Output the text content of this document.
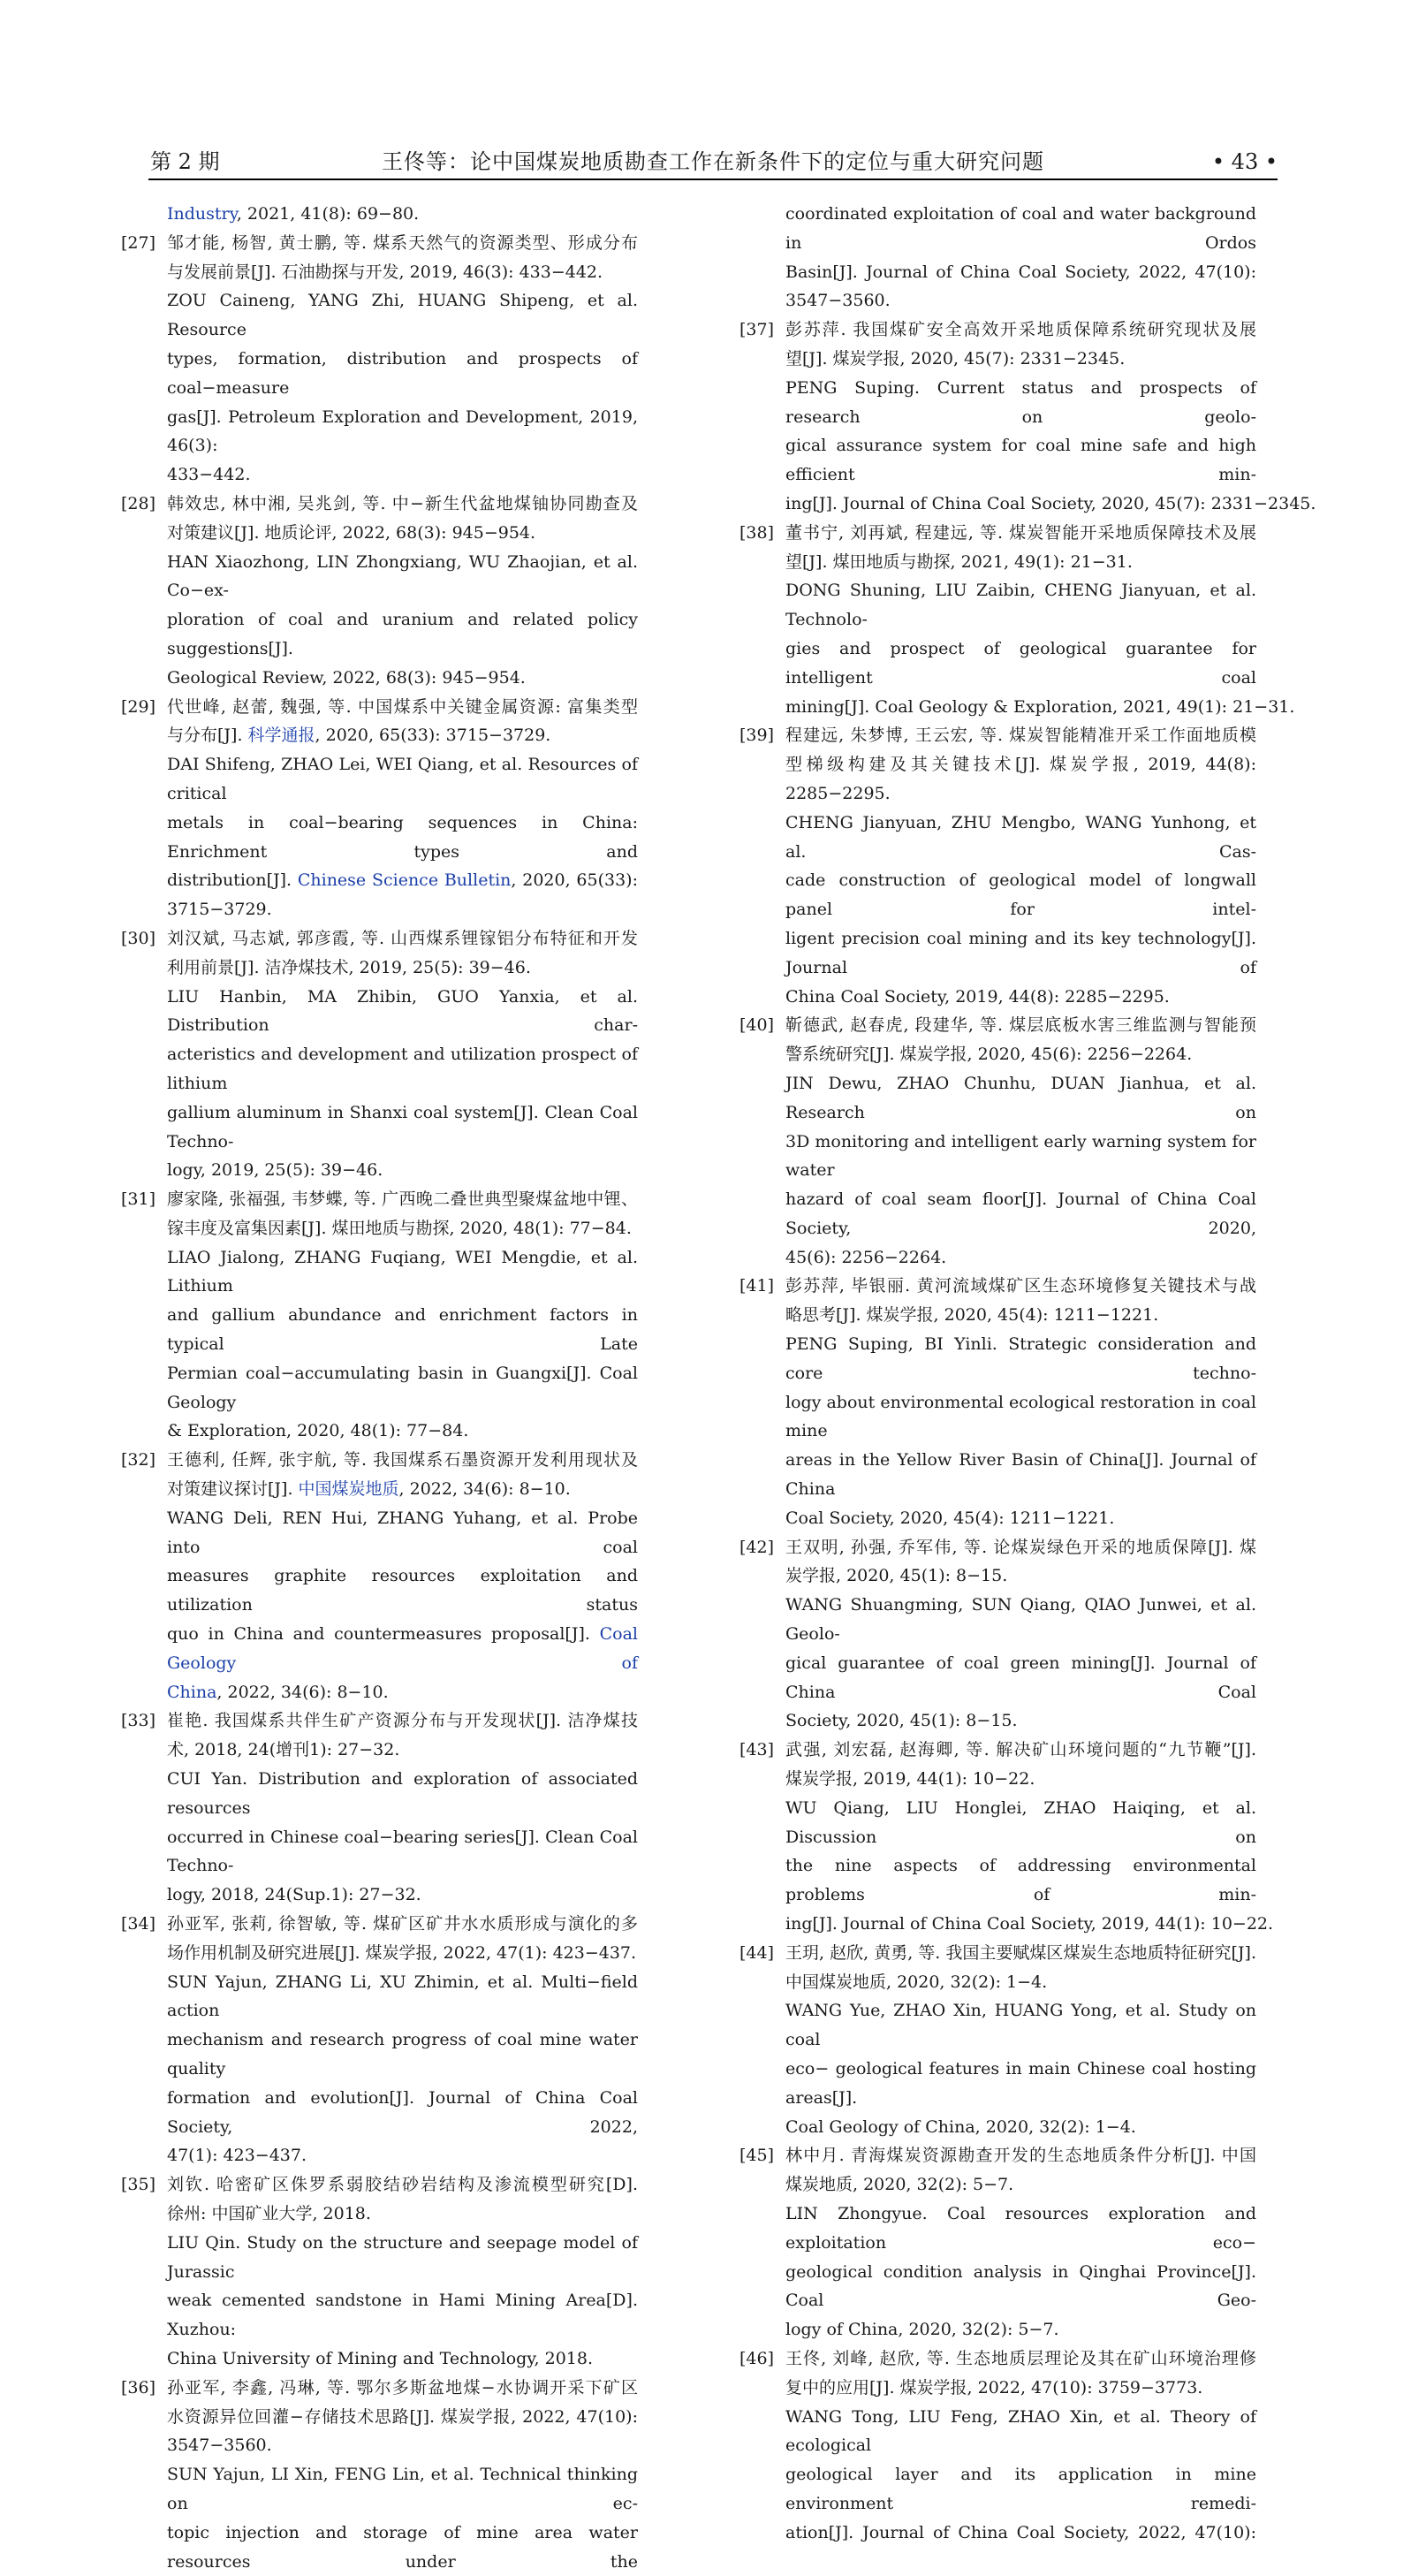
第 2 期	王佟等：论中国煤炭地质勘查工作在新条件下的定位与重大研究问题	• 43 •
Industry, 2021, 41(8): 69−80.
[27] 邹才能, 杨智, 黄士鹏, 等. 煤系天然气的资源类型、形成分布
与发展前景[J]. 石油勘探与开发, 2019, 46(3): 433−442.
ZOU Caineng, YANG Zhi, HUANG Shipeng, et al. Resource
types, formation, distribution and prospects of coal−measure
gas[J]. Petroleum Exploration and Development, 2019, 46(3):
433−442.
[28] 韩效忠, 林中湘, 吴兆剑, 等. 中−新生代盆地煤铀协同勘查及
对策建议[J]. 地质论评, 2022, 68(3): 945−954.
HAN Xiaozhong, LIN Zhongxiang, WU Zhaojian, et al. Co−ex-
ploration of coal and uranium and related policy suggestions[J].
Geological Review, 2022, 68(3): 945−954.
[29] 代世峰, 赵蕾, 魏强, 等. 中国煤系中关键金属资源: 富集类型
与分布[J]. 科学通报, 2020, 65(33): 3715−3729.
DAI Shifeng, ZHAO Lei, WEI Qiang, et al. Resources of critical
metals in coal−bearing sequences in China: Enrichment types and
distribution[J]. Chinese Science Bulletin, 2020, 65(33):
3715−3729.
[30] 刘汉斌, 马志斌, 郭彦霞, 等. 山西煤系锂镓铝分布特征和开发
利用前景[J]. 洁净煤技术, 2019, 25(5): 39−46.
LIU Hanbin, MA Zhibin, GUO Yanxia, et al. Distribution char-
acteristics and development and utilization prospect of lithium
gallium aluminum in Shanxi coal system[J]. Clean Coal Techno-
logy, 2019, 25(5): 39−46.
[31] 廖家隆, 张福强, 韦梦蝶, 等. 广西晚二叠世典型聚煤盆地中锂、
镓丰度及富集因素[J]. 煤田地质与勘探, 2020, 48(1): 77−84.
LIAO Jialong, ZHANG Fuqiang, WEI Mengdie, et al. Lithium
and gallium abundance and enrichment factors in typical Late
Permian coal−accumulating basin in Guangxi[J]. Coal Geology
& Exploration, 2020, 48(1): 77−84.
[32] 王德利, 任辉, 张宇航, 等. 我国煤系石墨资源开发利用现状及
对策建议探讨[J]. 中国煤炭地质, 2022, 34(6): 8−10.
WANG Deli, REN Hui, ZHANG Yuhang, et al. Probe into coal
measures graphite resources exploitation and utilization status
quo in China and countermeasures proposal[J]. Coal Geology of
China, 2022, 34(6): 8−10.
[33] 崔艳. 我国煤系共伴生矿产资源分布与开发现状[J]. 洁净煤技
术, 2018, 24(增刊1): 27−32.
CUI Yan. Distribution and exploration of associated resources
occurred in Chinese coal−bearing series[J]. Clean Coal Techno-
logy, 2018, 24(Sup.1): 27−32.
[34] 孙亚军, 张莉, 徐智敏, 等. 煤矿区矿井水水质形成与演化的多
场作用机制及研究进展[J]. 煤炭学报, 2022, 47(1): 423−437.
SUN Yajun, ZHANG Li, XU Zhimin, et al. Multi−field action
mechanism and research progress of coal mine water quality
formation and evolution[J]. Journal of China Coal Society, 2022,
47(1): 423−437.
[35] 刘钦. 哈密矿区侏罗系弱胶结砂岩结构及渗流模型研究[D].
徐州: 中国矿业大学, 2018.
LIU Qin. Study on the structure and seepage model of Jurassic
weak cemented sandstone in Hami Mining Area[D]. Xuzhou:
China University of Mining and Technology, 2018.
[36] 孙亚军, 李鑫, 冯琳, 等. 鄂尔多斯盆地煤−水协调开采下矿区
水资源异位回灌−存储技术思路[J]. 煤炭学报, 2022, 47(10):
3547−3560.
SUN Yajun, LI Xin, FENG Lin, et al. Technical thinking on ec-
topic injection and storage of mine area water resources under the
coordinated exploitation of coal and water background in Ordos
Basin[J]. Journal of China Coal Society, 2022, 47(10):
3547−3560.
[37] 彭苏萍. 我国煤矿安全高效开采地质保障系统研究现状及展
望[J]. 煤炭学报, 2020, 45(7): 2331−2345.
PENG Suping. Current status and prospects of research on geolo-
gical assurance system for coal mine safe and high efficient min-
ing[J]. Journal of China Coal Society, 2020, 45(7): 2331−2345.
[38] 董书宁, 刘再斌, 程建远, 等. 煤炭智能开采地质保障技术及展
望[J]. 煤田地质与勘探, 2021, 49(1): 21−31.
DONG Shuning, LIU Zaibin, CHENG Jianyuan, et al. Technolo-
gies and prospect of geological guarantee for intelligent coal
mining[J]. Coal Geology & Exploration, 2021, 49(1): 21−31.
[39] 程建远, 朱梦博, 王云宏, 等. 煤炭智能精准开采工作面地质模
型梯级构建及其关键技术[J]. 煤炭学报, 2019, 44(8):
2285−2295.
CHENG Jianyuan, ZHU Mengbo, WANG Yunhong, et al. Cas-
cade construction of geological model of longwall panel for intel-
ligent precision coal mining and its key technology[J]. Journal of
China Coal Society, 2019, 44(8): 2285−2295.
[40] 靳德武, 赵春虎, 段建华, 等. 煤层底板水害三维监测与智能预
警系统研究[J]. 煤炭学报, 2020, 45(6): 2256−2264.
JIN Dewu, ZHAO Chunhu, DUAN Jianhua, et al. Research on
3D monitoring and intelligent early warning system for water
hazard of coal seam floor[J]. Journal of China Coal Society, 2020,
45(6): 2256−2264.
[41] 彭苏萍, 毕银丽. 黄河流域煤矿区生态环境修复关键技术与战
略思考[J]. 煤炭学报, 2020, 45(4): 1211−1221.
PENG Suping, BI Yinli. Strategic consideration and core techno-
logy about environmental ecological restoration in coal mine
areas in the Yellow River Basin of China[J]. Journal of China
Coal Society, 2020, 45(4): 1211−1221.
[42] 王双明, 孙强, 乔军伟, 等. 论煤炭绿色开采的地质保障[J]. 煤
炭学报, 2020, 45(1): 8−15.
WANG Shuangming, SUN Qiang, QIAO Junwei, et al. Geolo-
gical guarantee of coal green mining[J]. Journal of China Coal
Society, 2020, 45(1): 8−15.
[43] 武强, 刘宏磊, 赵海卿, 等. 解决矿山环境问题的“九节鞭”[J].
煤炭学报, 2019, 44(1): 10−22.
WU Qiang, LIU Honglei, ZHAO Haiqing, et al. Discussion on
the nine aspects of addressing environmental problems of min-
ing[J]. Journal of China Coal Society, 2019, 44(1): 10−22.
[44] 王玥, 赵欣, 黄勇, 等. 我国主要赋煤区煤炭生态地质特征研究[J].
中国煤炭地质, 2020, 32(2): 1−4.
WANG Yue, ZHAO Xin, HUANG Yong, et al. Study on coal
eco− geological features in main Chinese coal hosting areas[J].
Coal Geology of China, 2020, 32(2): 1−4.
[45] 林中月. 青海煤炭资源勘查开发的生态地质条件分析[J]. 中国
煤炭地质, 2020, 32(2): 5−7.
LIN Zhongyue. Coal resources exploration and exploitation eco−
geological condition analysis in Qinghai Province[J]. Coal Geo-
logy of China, 2020, 32(2): 5−7.
[46] 王佟, 刘峰, 赵欣, 等. 生态地质层理论及其在矿山环境治理修
复中的应用[J]. 煤炭学报, 2022, 47(10): 3759−3773.
WANG Tong, LIU Feng, ZHAO Xin, et al. Theory of ecological
geological layer and its application in mine environment remedi-
ation[J]. Journal of China Coal Society, 2022, 47(10):
